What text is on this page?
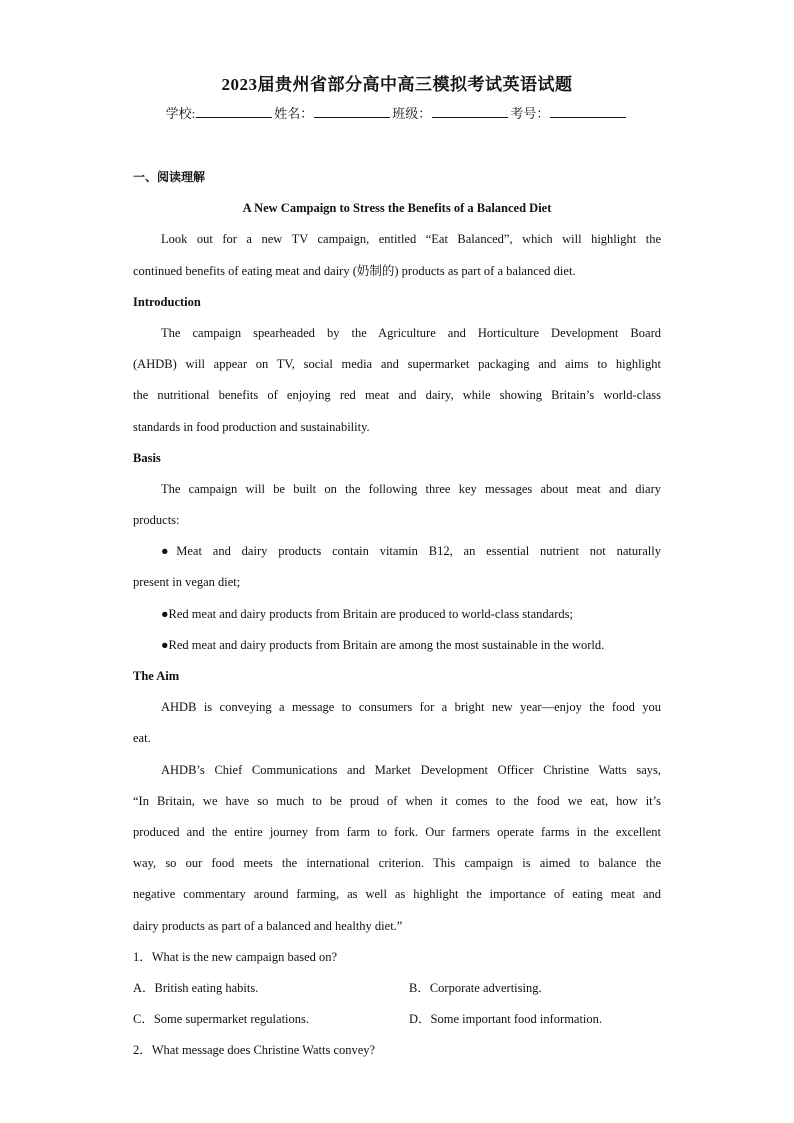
2023届贵州省部分高中高三模拟考试英语试题
学校:	姓名：	班级：	考号：
一、阅读理解
A New Campaign to Stress the Benefits of a Balanced Diet
Look out for a new TV campaign, entitled “Eat Balanced”, which will highlight the
continued benefits of eating meat and dairy (奶制的) products as part of a balanced diet.
Introduction
The campaign spearheaded by the Agriculture and Horticulture Development Board
(AHDB) will appear on TV, social media and supermarket packaging and aims to highlight
the nutritional benefits of enjoying red meat and dairy, while showing Britain’s world-class
standards in food production and sustainability.
Basis
The campaign will be built on the following three key messages about meat and diary
products:
●Meat and dairy products contain vitamin B12, an essential nutrient not naturally
present in vegan diet;
●Red meat and dairy products from Britain are produced to world-class standards;
●Red meat and dairy products from Britain are among the most sustainable in the world.
The Aim
AHDB is conveying a message to consumers for a bright new year—enjoy the food you
eat.
AHDB’s Chief Communications and Market Development Officer Christine Watts says,
“In Britain, we have so much to be proud of when it comes to the food we eat, how it’s
produced and the entire journey from farm to fork. Our farmers operate farms in the excellent
way, so our food meets the international criterion. This campaign is aimed to balance the
negative commentary around farming, as well as highlight the importance of eating meat and
dairy products as part of a balanced and healthy diet.”
1．What is the new campaign based on?
A．British eating habits.	B．Corporate advertising.
C．Some supermarket regulations.	D．Some important food information.
2．What message does Christine Watts convey?
